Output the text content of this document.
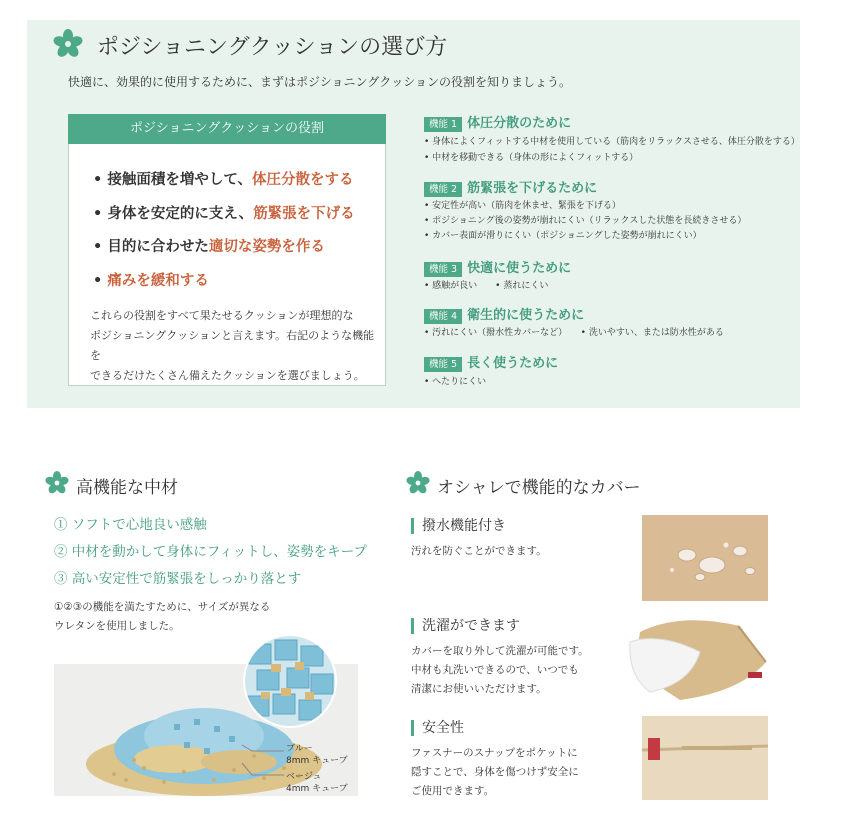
ポジショニングクッションの選び方
快適に、効果的に使用するために、まずはポジショニングクッションの役割を知りましょう。
ポジショニングクッションの役割
• 接触面積を増やして、体圧分散をする
• 身体を安定的に支え、筋緊張を下げる
• 目的に合わせた適切な姿勢を作る
• 痛みを緩和する
これらの役割をすべて果たせるクッションが理想的な
ポジショニングクッションと言えます。右記のような機能を
できるだけたくさん備えたクッションを選びましょう。
機能 1 体圧分散のために
• 身体によくフィットする中材を使用している（筋肉をリラックスさせる、体圧分散をする）
• 中材を移動できる（身体の形によくフィットする）
機能 2 筋緊張を下げるために
• 安定性が高い（筋肉を休ませ、緊張を下げる）
• ポジショニング後の姿勢が崩れにくい（リラックスした状態を長続きさせる）
• カバー表面が滑りにくい（ポジショニングした姿勢が崩れにくい）
機能 3 快適に使うために
• 感触が良い　　• 蒸れにくい
機能 4 衛生的に使うために
• 汚れにくい（撥水性カバーなど）　　• 洗いやすい、または防水性がある
機能 5 長く使うために
• へたりにくい
高機能な中材
① ソフトで心地良い感触
② 中材を動かして身体にフィットし、姿勢をキープ
③ 高い安定性で筋緊張をしっかり落とす
①②③の機能を満たすために、サイズが異なる
ウレタンを使用しました。
ブルー
8mm キューブ
ベージュ
4mm キューブ
オシャレで機能的なカバー
撥水機能付き
汚れを防ぐことができます。
洗濯ができます
カバーを取り外して洗濯が可能です。
中材も丸洗いできるので、いつでも
清潔にお使いいただけます。
安全性
ファスナーのスナップをポケットに
隠すことで、身体を傷つけず安全に
ご使用できます。
